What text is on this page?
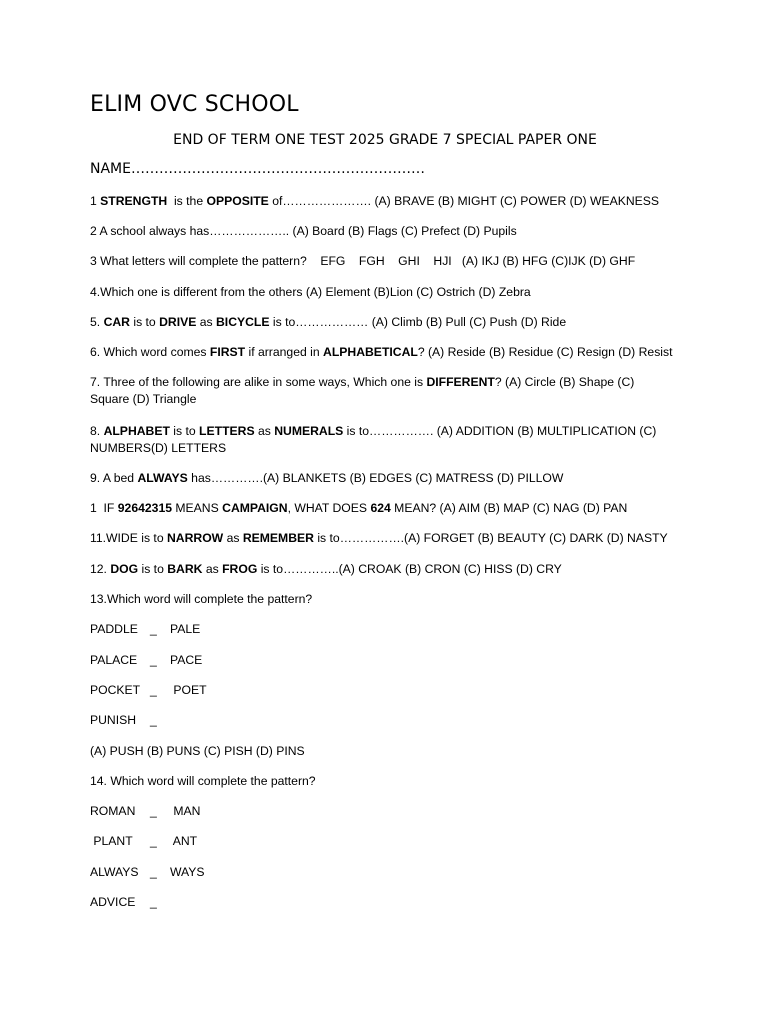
ELIM OVC SCHOOL
END OF TERM ONE TEST 2025 GRADE 7 SPECIAL PAPER ONE
NAME………………………………………………………
1 STRENGTH  is the OPPOSITE of…………………. (A) BRAVE (B) MIGHT (C) POWER (D) WEAKNESS
2 A school always has……………….. (A) Board (B) Flags (C) Prefect (D) Pupils
3 What letters will complete the pattern?    EFG    FGH    GHI    HJI   (A) IKJ (B) HFG (C)IJK (D) GHF
4.Which one is different from the others (A) Element (B)Lion (C) Ostrich (D) Zebra
5. CAR is to DRIVE as BICYCLE is to……………… (A) Climb (B) Pull (C) Push (D) Ride
6. Which word comes FIRST if arranged in ALPHABETICAL? (A) Reside (B) Residue (C) Resign (D) Resist
7. Three of the following are alike in some ways, Which one is DIFFERENT? (A) Circle (B) Shape (C) Square (D) Triangle
8. ALPHABET is to LETTERS as NUMERALS is to……………. (A) ADDITION (B) MULTIPLICATION (C) NUMBERS(D) LETTERS
9. A bed ALWAYS has………….(A) BLANKETS (B) EDGES (C) MATRESS (D) PILLOW
1  IF 92642315 MEANS CAMPAIGN, WHAT DOES 624 MEAN? (A) AIM (B) MAP (C) NAG (D) PAN
11.WIDE is to NARROW as REMEMBER is to…………….(A) FORGET (B) BEAUTY (C) DARK (D) NASTY
12. DOG is to BARK as FROG is to…………..(A) CROAK (B) CRON (C) HISS (D) CRY
13.Which word will complete the pattern?
PADDLE _ PALE
PALACE _ PACE
POCKET _ POET
PUNISH _
(A) PUSH (B) PUNS (C) PISH (D) PINS
14. Which word will complete the pattern?
ROMAN _ MAN
PLANT _ ANT
ALWAYS _ WAYS
ADVICE _
